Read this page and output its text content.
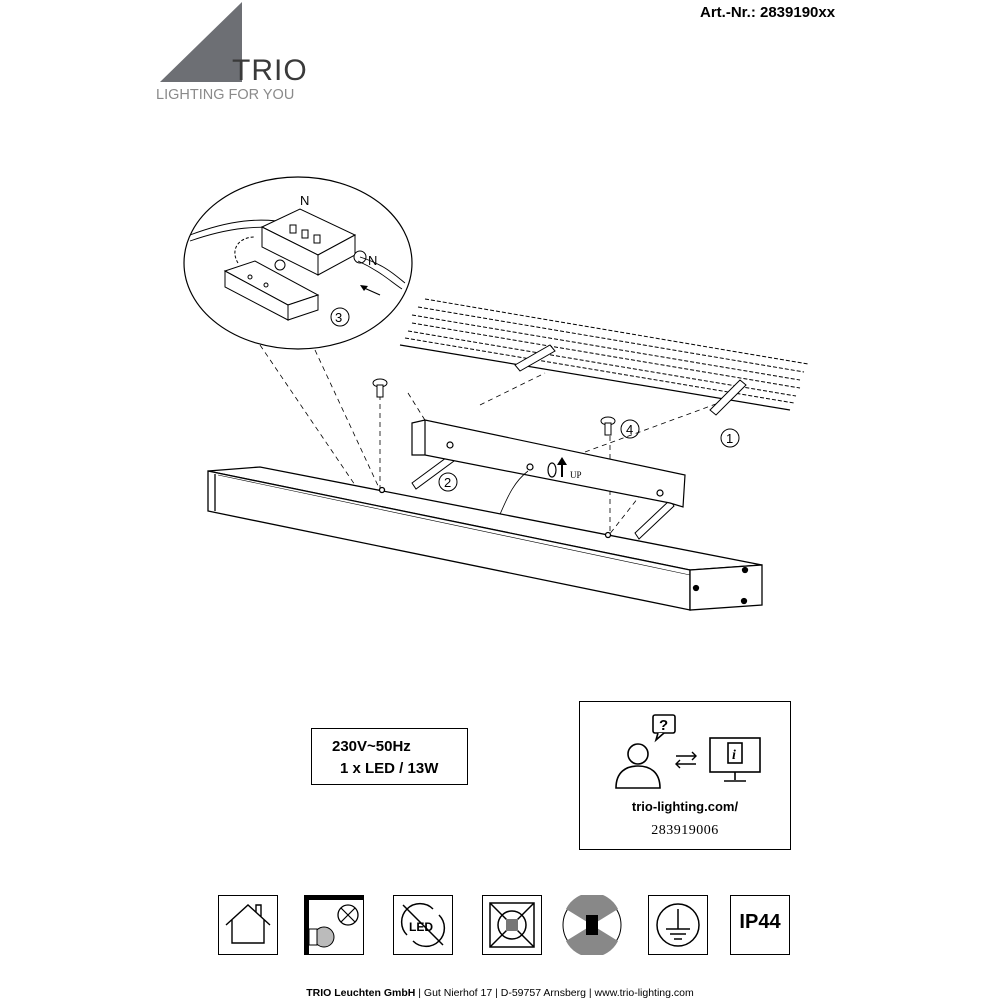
Art.-Nr.: 2839190xx
TRIO
LIGHTING FOR YOU
N
N
3
1
2
4
UP
230V~50Hz
1 x LED / 13W
?
i
trio-lighting.com/
283919006
LED	IP44
TRIO Leuchten GmbH | Gut Nierhof 17 | D-59757 Arnsberg | www.trio-lighting.com
